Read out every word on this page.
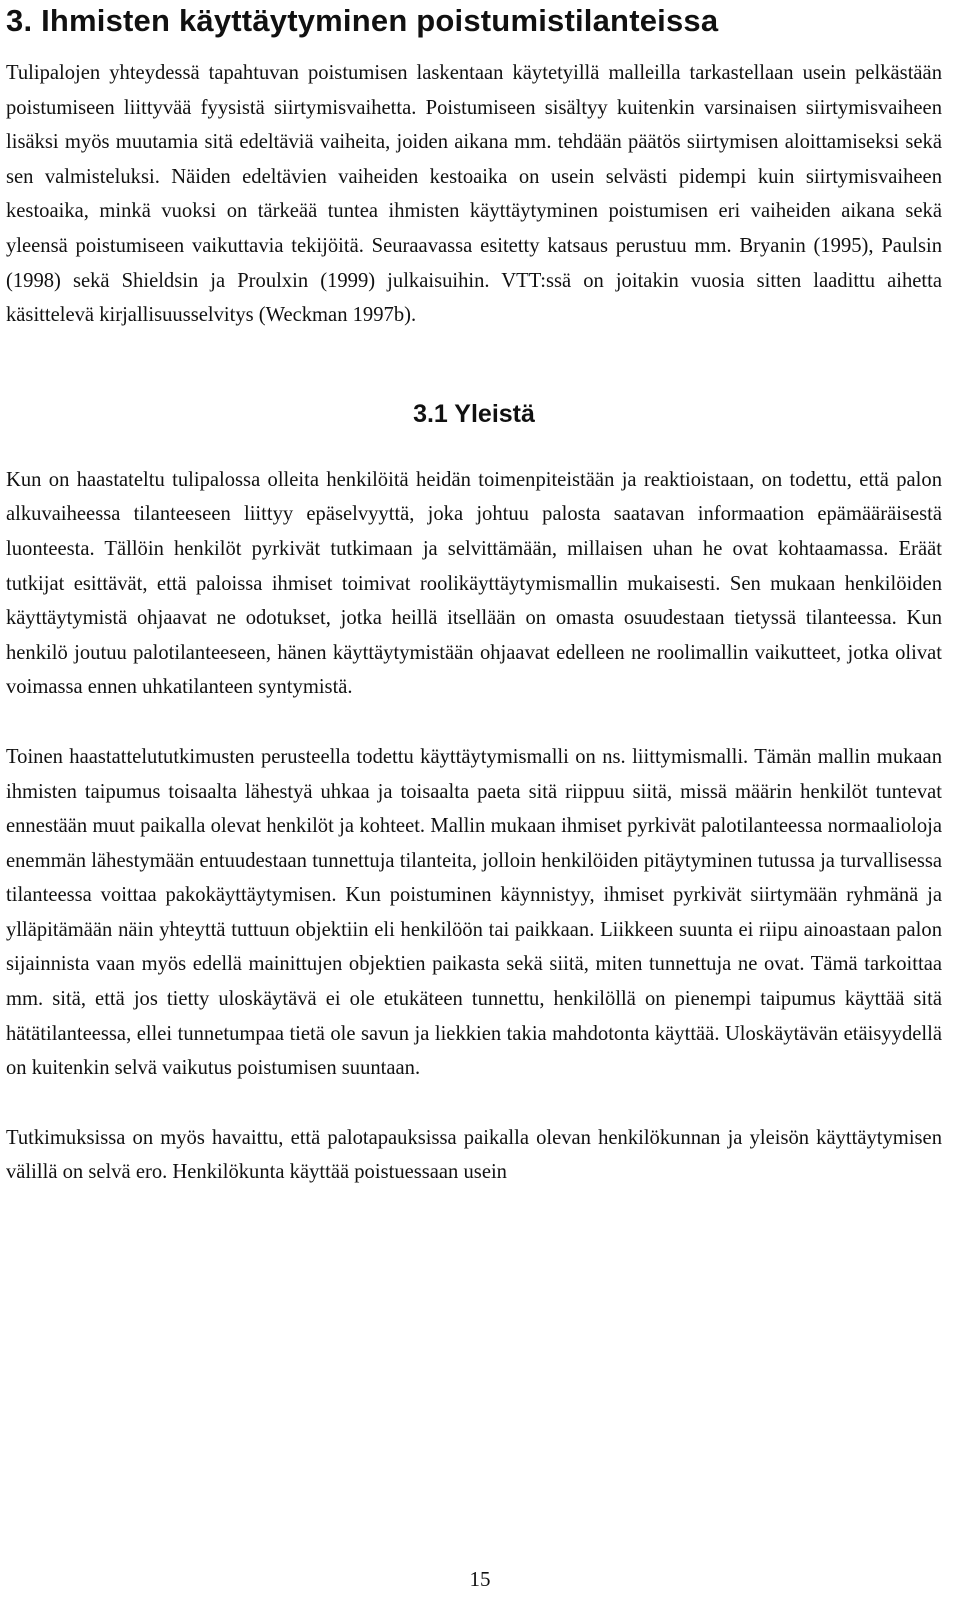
3. Ihmisten käyttäytyminen poistumistilanteissa

Tulipalojen yhteydessä tapahtuvan poistumisen laskentaan käytetyillä malleilla tarkastellaan usein pelkästään poistumiseen liittyvää fyysistä siirtymisvaihetta. Poistumiseen sisältyy kuitenkin varsinaisen siirtymisvaiheen lisäksi myös muutamia sitä edeltäviä vaiheita, joiden aikana mm. tehdään päätös siirtymisen aloittamiseksi sekä sen valmisteluksi. Näiden edeltävien vaiheiden kestoaika on usein selvästi pidempi kuin siirtymisvaiheen kestoaika, minkä vuoksi on tärkeää tuntea ihmisten käyttäytyminen poistumisen eri vaiheiden aikana sekä yleensä poistumiseen vaikuttavia tekijöitä. Seuraavassa esitetty katsaus perustuu mm. Bryanin (1995), Paulsin (1998) sekä Shieldsin ja Proulxin (1999) julkaisuihin. VTT:ssä on joitakin vuosia sitten laadittu aihetta käsittelevä kirjallisuusselvitys (Weckman 1997b).

3.1 Yleistä

Kun on haastateltu tulipalossa olleita henkilöitä heidän toimenpiteistään ja reaktioistaan, on todettu, että palon alkuvaiheessa tilanteeseen liittyy epäselvyyttä, joka johtuu palosta saatavan informaation epämääräisestä luonteesta. Tällöin henkilöt pyrkivät tutkimaan ja selvittämään, millaisen uhan he ovat kohtaamassa. Eräät tutkijat esittävät, että paloissa ihmiset toimivat roolikäyttäytymismallin mukaisesti. Sen mukaan henkilöiden käyttäytymistä ohjaavat ne odotukset, jotka heillä itsellään on omasta osuudestaan tietyssä tilanteessa. Kun henkilö joutuu palotilanteeseen, hänen käyttäytymistään ohjaavat edelleen ne roolimallin vaikutteet, jotka olivat voimassa ennen uhkatilanteen syntymistä.

Toinen haastattelututkimusten perusteella todettu käyttäytymismalli on ns. liittymismalli. Tämän mallin mukaan ihmisten taipumus toisaalta lähestyä uhkaa ja toisaalta paeta sitä riippuu siitä, missä määrin henkilöt tuntevat ennestään muut paikalla olevat henkilöt ja kohteet. Mallin mukaan ihmiset pyrkivät palotilanteessa normaalioloja enemmän lähestymään entuudestaan tunnettuja tilanteita, jolloin henkilöiden pitäytyminen tutussa ja turvallisessa tilanteessa voittaa pakokäyttäytymisen. Kun poistuminen käynnistyy, ihmiset pyrkivät siirtymään ryhmänä ja ylläpitämään näin yhteyttä tuttuun objektiin eli henkilöön tai paikkaan. Liikkeen suunta ei riipu ainoastaan palon sijainnista vaan myös edellä mainittujen objektien paikasta sekä siitä, miten tunnettuja ne ovat. Tämä tarkoittaa mm. sitä, että jos tietty uloskäytävä ei ole etukäteen tunnettu, henkilöllä on pienempi taipumus käyttää sitä hätätilanteessa, ellei tunnetumpaa tietä ole savun ja liekkien takia mahdotonta käyttää. Uloskäytävän etäisyydellä on kuitenkin selvä vaikutus poistumisen suuntaan.

Tutkimuksissa on myös havaittu, että palotapauksissa paikalla olevan henkilökunnan ja yleisön käyttäytymisen välillä on selvä ero. Henkilökunta käyttää poistuessaan usein

15
